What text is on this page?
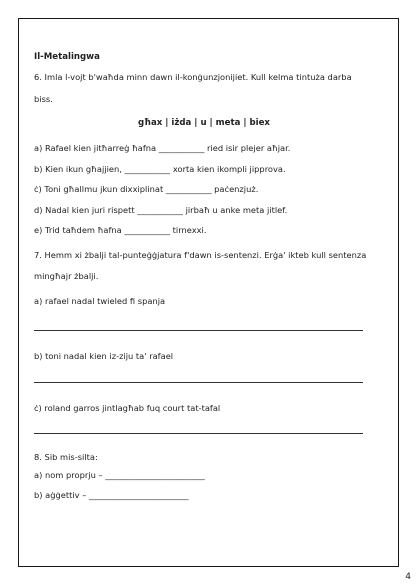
Il-Metalingwa
6. Imla l-vojt b'waħda minn dawn il-konġunzjonijiet. Kull kelma tintuża darba
biss.
għax | iżda | u | meta | biex
a) Rafael kien jitħarreġ ħafna ___________ ried isir plejer aħjar.
b) Kien ikun għajjien, ___________ xorta kien ikompli jipprova.
ċ) Toni għallmu jkun dixxiplinat ___________ paċenzjuż.
d) Nadal kien juri rispett ___________ jirbaħ u anke meta jitlef.
e) Trid taħdem ħafna ___________ tirnexxi.
7. Hemm xi żbalji tal-punteġġjatura f'dawn is-sentenzi. Erġa' ikteb kull sentenza
mingħajr żbalji.
a) rafael nadal twieled fi spanja
b) toni nadal kien iz-ziju ta' rafael
ċ) roland garros jintlagħab fuq court tat-tafal
8. Sib mis-silta:
a) nom proprju – ________________________
b) aġġettiv – ________________________
4
